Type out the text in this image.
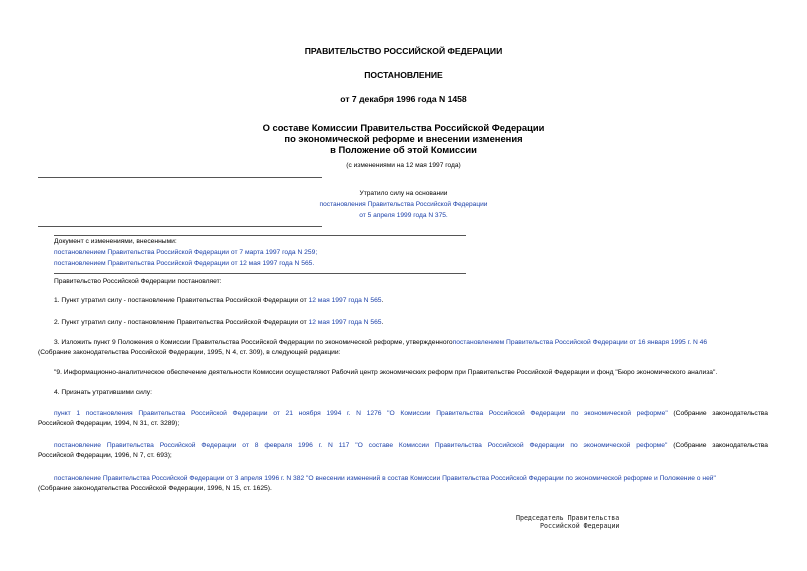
ПРАВИТЕЛЬСТВО РОССИЙСКОЙ ФЕДЕРАЦИИ
ПОСТАНОВЛЕНИЕ
от 7 декабря 1996 года N 1458
О составе Комиссии Правительства Российской Федерации
по экономической реформе и внесении изменения
в Положение об этой Комиссии
(с изменениями на 12 мая 1997 года)
Утратило силу на основании
постановления Правительства Российской Федерации
от 5 апреля 1999 года N 375.
Документ с изменениями, внесенными:
постановлением Правительства Российской Федерации от 7 марта 1997 года N 259;
постановлением Правительства Российской Федерации от 12 мая 1997 года N 565.
Правительство Российской Федерации постановляет:
1. Пункт утратил силу - постановление Правительства Российской Федерации от 12 мая 1997 года N 565.
2. Пункт утратил силу - постановление Правительства Российской Федерации от 12 мая 1997 года N 565.
3. Изложить пункт 9 Положения о Комиссии Правительства Российской Федерации по экономической реформе, утвержденногопостановлением Правительства Российской Федерации от 16 января 1995 г. N 46
(Собрание законодательства Российской Федерации, 1995, N 4, ст. 309), в следующей редакции:
"9. Информационно-аналитическое обеспечение деятельности Комиссии осуществляют Рабочий центр экономических реформ при Правительстве Российской Федерации и фонд "Бюро экономического анализа".
4. Признать утратившими силу:
пункт 1 постановления Правительства Российской Федерации от 21 ноября 1994 г. N 1276 "О Комиссии Правительства Российской Федерации по экономической реформе" (Собрание законодательства
Российской Федерации, 1994, N 31, ст. 3289);
постановление Правительства Российской Федерации от 8 февраля 1996 г. N 117 "О составе Комиссии Правительства Российской Федерации по экономической реформе" (Собрание законодательства
Российской Федерации, 1996, N 7, ст. 693);
постановление Правительства Российской Федерации от 3 апреля 1996 г. N 382 "О внесении изменений в состав Комиссии Правительства Российской Федерации по экономической реформе и Положение о ней"
(Собрание законодательства Российской Федерации, 1996, N 15, ст. 1625).
Председатель Правительства
Российской Федерации
